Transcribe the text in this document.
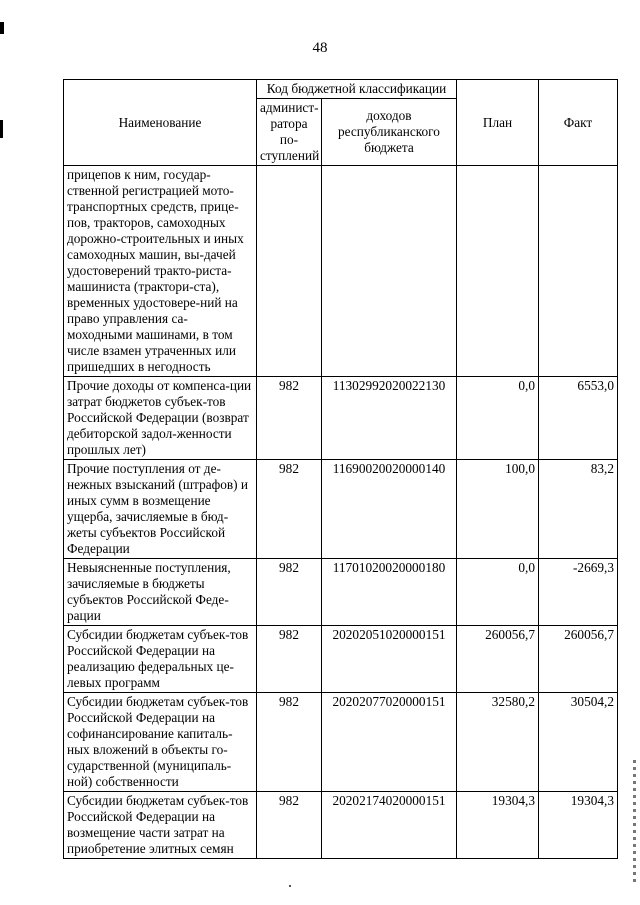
48
Наименование	Код бюджетной классификации		План	Факт
	админист-ратора по-ступлений	доходов республиканского бюджета		
прицепов к ним, государ-ственной регистрацией мото-транспортных средств, прице-пов, тракторов, самоходных дорожно-строительных и иных самоходных машин, вы-дачей удостоверений тракто-риста-машиниста (трактори-ста), временных удостовере-ний на право управления са-моходными машинами, в том числе взамен утраченных или пришедших в негодность				
Прочие доходы от компенса-ции затрат бюджетов субъек-тов Российской Федерации (возврат дебиторской задол-женности прошлых лет)	982	11302992020022130	0,0	6553,0
Прочие поступления от де-нежных взысканий (штрафов) и иных сумм в возмещение ущерба, зачисляемые в бюд-жеты субъектов Российской Федерации	982	11690020020000140	100,0	83,2
Невыясненные поступления, зачисляемые в бюджеты субъектов Российской Феде-рации	982	11701020020000180	0,0	-2669,3
Субсидии бюджетам субъек-тов Российской Федерации на реализацию федеральных це-левых программ	982	20202051020000151	260056,7	260056,7
Субсидии бюджетам субъек-тов Российской Федерации на софинансирование капиталь-ных вложений в объекты го-сударственной (муниципаль-ной) собственности	982	20202077020000151	32580,2	30504,2
Субсидии бюджетам субъек-тов Российской Федерации на возмещение части затрат на приобретение элитных семян	982	20202174020000151	19304,3	19304,3
